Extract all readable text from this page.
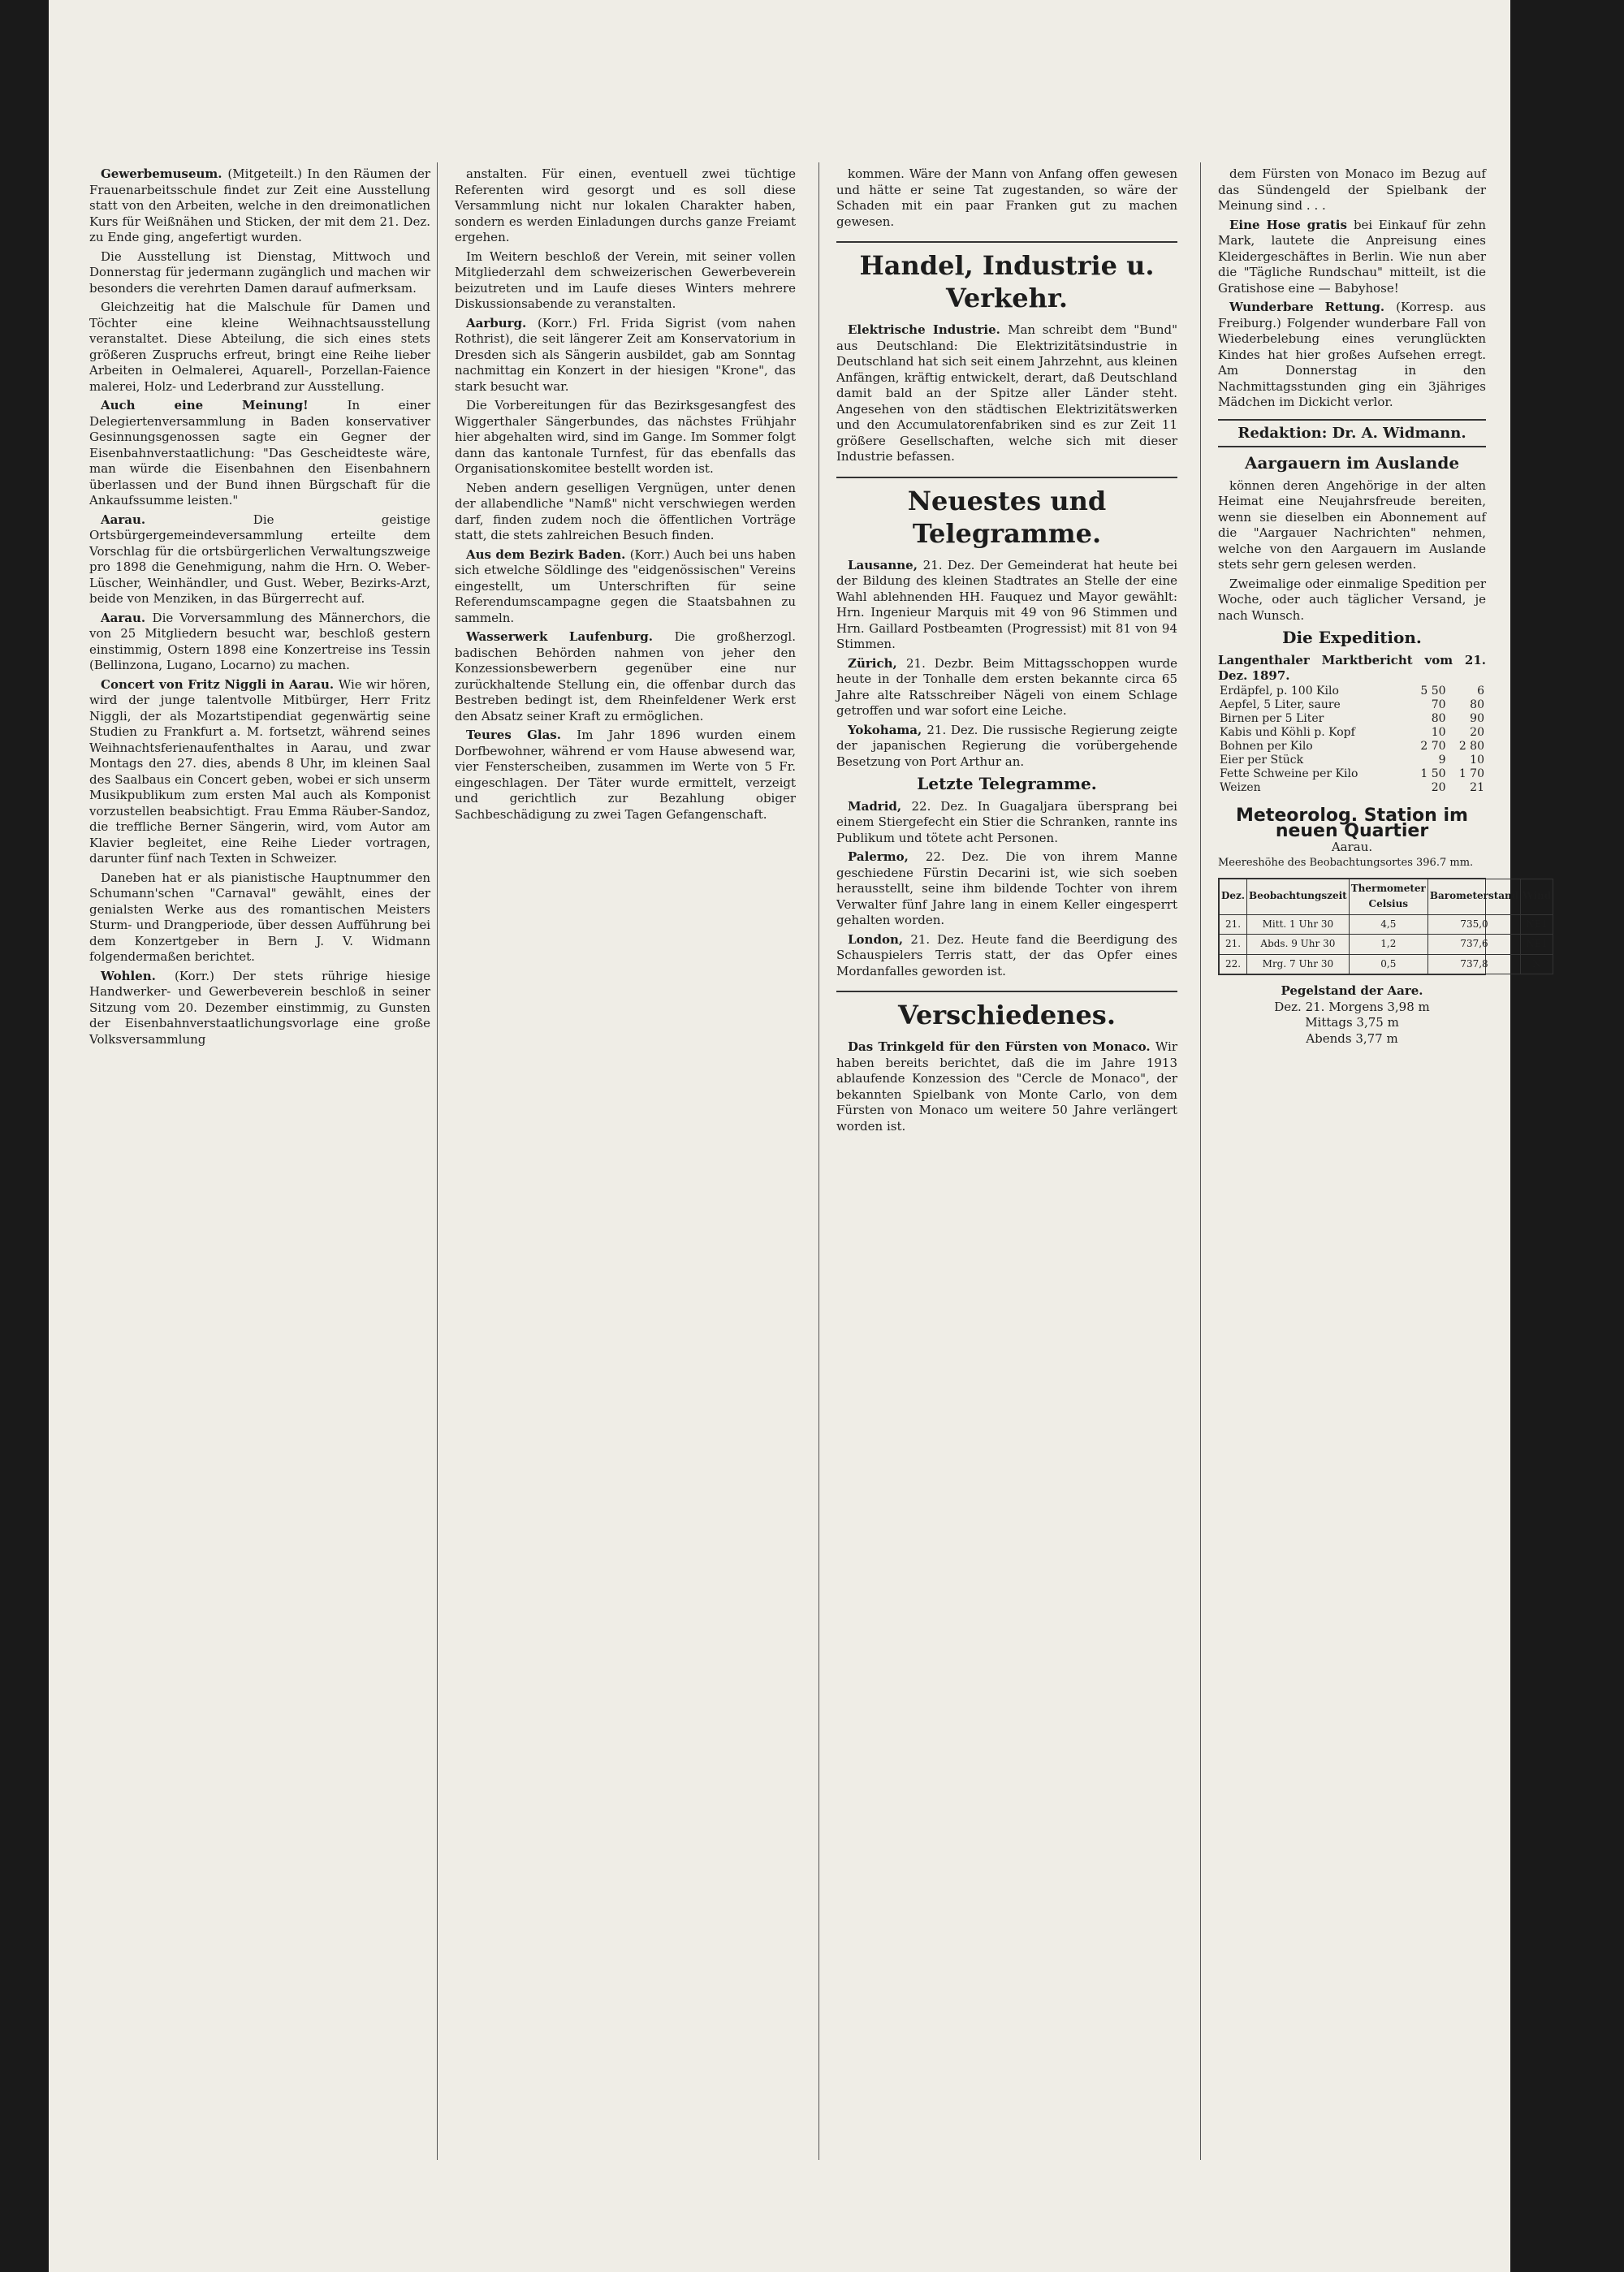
Gewerbemuseum. (Mitgeteilt.) In den Räumen der Frauenarbeitsschule findet zur Zeit eine Ausstellung statt von den Arbeiten, welche in den dreimonatlichen Kurs für Weißnähen und Sticken, der mit dem 21. Dez. zu Ende ging, angefertigt wurden.

Die Ausstellung ist Dienstag, Mittwoch und Donnerstag für jedermann zugänglich und machen wir besonders die verehrten Damen darauf aufmerksam.

Gleichzeitig hat die Malschule für Damen und Töchter eine kleine Weihnachtsausstellung veranstaltet. Diese Abteilung, die sich eines stets größeren Zuspruchs erfreut, bringt eine Reihe lieber Arbeiten in Oelmalerei, Aquarell-, Porzellan-Faience malerei, Holz- und Lederbrand zur Ausstellung.

Auch eine Meinung! In einer Delegiertenversammlung in Baden konservativer Gesinnungsgenossen sagte ein Gegner der Eisenbahnverstaatlichung: "Das Gescheidteste wäre, man würde die Eisenbahnen den Eisenbahnern überlassen und der Bund ihnen Bürgschaft für die Ankaufssumme leisten."

Aarau. Die geistige Ortsbürgergemeindeversammlung erteilte dem Vorschlag für die ortsbürgerlichen Verwaltungszweige pro 1898 die Genehmigung, nahm die Hrn. O. Weber-Lüscher, Weinhändler, und Gust. Weber, Bezirks-Arzt, beide von Menziken, in das Bürgerrecht auf.

Aarau. Die Vorversammlung des Männerchors, die von 25 Mitgliedern besucht war, beschloß gestern einstimmig, Ostern 1898 eine Konzertreise ins Tessin (Bellinzona, Lugano, Locarno) zu machen.

Concert von Fritz Niggli in Aarau. Wie wir hören, wird der junge talentvolle Mitbürger, Herr Fritz Niggli, der als Mozartstipendiat gegenwärtig seine Studien zu Frankfurt a. M. fortsetzt, während seines Weihnachtsferienaufenthaltes in Aarau, und zwar Montags den 27. dies, abends 8 Uhr, im kleinen Saal des Saalbaus ein Concert geben, wobei er sich unserm Musikpublikum zum ersten Mal auch als Komponist vorzustellen beabsichtigt. Frau Emma Räuber-Sandoz, die treffliche Berner Sängerin, wird, vom Autor am Klavier begleitet, eine Reihe Lieder vortragen, darunter fünf nach Texten in Schweizer.

Daneben hat er als pianistische Hauptnummer den Schumann'schen "Carnaval" gewählt, eines der genialsten Werke aus des romantischen Meisters Sturm- und Drangperiode, über dessen Aufführung bei dem Konzertgeber in Bern J. V. Widmann folgendermaßen berichtet.

Wohlen. (Korr.) Der stets rührige hiesige Handwerker- und Gewerbeverein beschloß in seiner Sitzung vom 20. Dezember einstimmig, zu Gunsten der Eisenbahnverstaatlichungsvorlage eine große Volksversammlung

anstalten. Für einen, eventuell zwei tüchtige Referenten wird gesorgt und es soll diese Versammlung nicht nur lokalen Charakter haben, sondern es werden Einladungen durchs ganze Freiamt ergehen.

Im Weitern beschloß der Verein, mit seiner vollen Mitgliederzahl dem schweizerischen Gewerbeverein beizutreten und im Laufe dieses Winters mehrere Diskussionsabende zu veranstalten.

Aarburg. (Korr.) Frl. Frida Sigrist (vom nahen Rothrist), die seit längerer Zeit am Konservatorium in Dresden sich als Sängerin ausbildet, gab am Sonntag nachmittag ein Konzert in der hiesigen "Krone", das stark besucht war.

Die Vorbereitungen für das Bezirksgesangfest des Wiggerthaler Sängerbundes, das nächstes Frühjahr hier abgehalten wird, sind im Gange. Im Sommer folgt dann das kantonale Turnfest, für das ebenfalls das Organisationskomitee bestellt worden ist.

Neben andern geselligen Vergnügen, unter denen der allabendliche "Namß" nicht verschwiegen werden darf, finden zudem noch die öffentlichen Vorträge statt, die stets zahlreichen Besuch finden.

Aus dem Bezirk Baden. (Korr.) Auch bei uns haben sich etwelche Söldlinge des "eidgenössischen" Vereins eingestellt, um Unterschriften für seine Referendumscampagne gegen die Staatsbahnen zu sammeln.

Wasserwerk Laufenburg. Die großherzogl. badischen Behörden nahmen von jeher den Konzessionsbewerbern gegenüber eine nur zurückhaltende Stellung ein, die offenbar durch das Bestreben bedingt ist, dem Rheinfeldener Werk erst den Absatz seiner Kraft zu ermöglichen.

Teures Glas. Im Jahr 1896 wurden einem Dorfbewohner, während er vom Hause abwesend war, vier Fensterscheiben, zusammen im Werte von 5 Fr. eingeschlagen. Der Täter wurde ermittelt, verzeigt und gerichtlich zur Bezahlung obiger Sachbeschädigung zu zwei Tagen Gefangenschaft.

kommen. Wäre der Mann von Anfang offen gewesen und hätte er seine Tat zugestanden, so wäre der Schaden mit ein paar Franken gut zu machen gewesen.

Handel, Industrie u. Verkehr.

Elektrische Industrie. Man schreibt dem "Bund" aus Deutschland: Die Elektrizitätsindustrie in Deutschland hat sich seit einem Jahrzehnt, aus kleinen Anfängen, kräftig entwickelt, derart, daß Deutschland damit bald an der Spitze aller Länder steht. Angesehen von den städtischen Elektrizitätswerken und den Accumulatorenfabriken sind es zur Zeit 11 größere Gesellschaften, welche sich mit dieser Industrie befassen.

Neuestes und Telegramme.

Lausanne, 21. Dez. Der Gemeinderat hat heute bei der Bildung des kleinen Stadtrates an Stelle der eine Wahl ablehnenden HH. Fauquez und Mayor gewählt: Hrn. Ingenieur Marquis mit 49 von 96 Stimmen und Hrn. Gaillard Postbeamten (Progressist) mit 81 von 94 Stimmen.

Zürich, 21. Dezbr. Beim Mittagsschoppen wurde heute in der Tonhalle dem ersten bekannte circa 65 Jahre alte Ratsschreiber Nägeli von einem Schlage getroffen und war sofort eine Leiche.

Yokohama, 21. Dez. Die russische Regierung zeigte der japanischen Regierung die vorübergehende Besetzung von Port Arthur an.

Letzte Telegramme.

Madrid, 22. Dez. In Guagaljara übersprang bei einem Stiergefecht ein Stier die Schranken, rannte ins Publikum und tötete acht Personen.

Palermo, 22. Dez. Die von ihrem Manne geschiedene Fürstin Decarini ist, wie sich soeben herausstellt, seine ihm bildende Tochter von ihrem Verwalter fünf Jahre lang in einem Keller eingesperrt gehalten worden.

London, 21. Dez. Heute fand die Beerdigung des Schauspielers Terris statt, der das Opfer eines Mordanfalles geworden ist.

Verschiedenes.

Das Trinkgeld für den Fürsten von Monaco. Wir haben bereits berichtet, daß die im Jahre 1913 ablaufende Konzession des "Cercle de Monaco", der bekannten Spielbank von Monte Carlo, von dem Fürsten von Monaco um weitere 50 Jahre verlängert worden ist.

dem Fürsten von Monaco im Bezug auf das Sündengeld der Spielbank der Meinung sind . . .

Eine Hose gratis bei Einkauf für zehn Mark, lautete die Anpreisung eines Kleidergeschäftes in Berlin. Wie nun aber die "Tägliche Rundschau" mitteilt, ist die Gratishose eine — Babyhose!

Wunderbare Rettung. (Korresp. aus Freiburg.) Folgender wunderbare Fall von Wiederbelebung eines verunglückten Kindes hat hier großes Aufsehen erregt. Am Donnerstag in den Nachmittagsstunden ging ein 3jähriges Mädchen im Dickicht verlor.

Redaktion: Dr. A. Widmann.
Aargauern im Auslande

können deren Angehörige in der alten Heimat eine Neujahrsfreude bereiten, wenn sie dieselben ein Abonnement auf die "Aargauer Nachrichten" nehmen, welche von den Aargauern im Auslande stets sehr gern gelesen werden.

Zweimalige oder einmalige Spedition per Woche, oder auch täglicher Versand, je nach Wunsch.

Die Expedition.
Langenthaler Marktbericht vom 21. Dez. 1897.
Erdäpfel, p. 100 Kilo	5 50	6
Aepfel, 5 Liter, saure	70	80
Birnen per 5 Liter	80	90
Kabis und Köhli p. Kopf	10	20
Bohnen per Kilo	2 70	2 80
Eier per Stück	9	10
Fette Schweine per Kilo	1 50	1 70
Weizen	20	21
Meteorolog. Station im neuen Quartier
Aarau.
Meereshöhe des Beobachtungsortes 396.7 mm.
Dez.	Beobachtungszeit	Thermometer Celsius	Barometerstand	Wind
21.	Mitt. 1 Uhr 30	4,5	735,0	NE1
21.	Abds. 9 Uhr 30	1,2	737,6	NE1
22.	Mrg. 7 Uhr 30	0,5	737,8	N
Pegelstand der Aare.
Dez. 21. Morgens 3,98 m
Mittags 3,75 m
Abends 3,77 m
